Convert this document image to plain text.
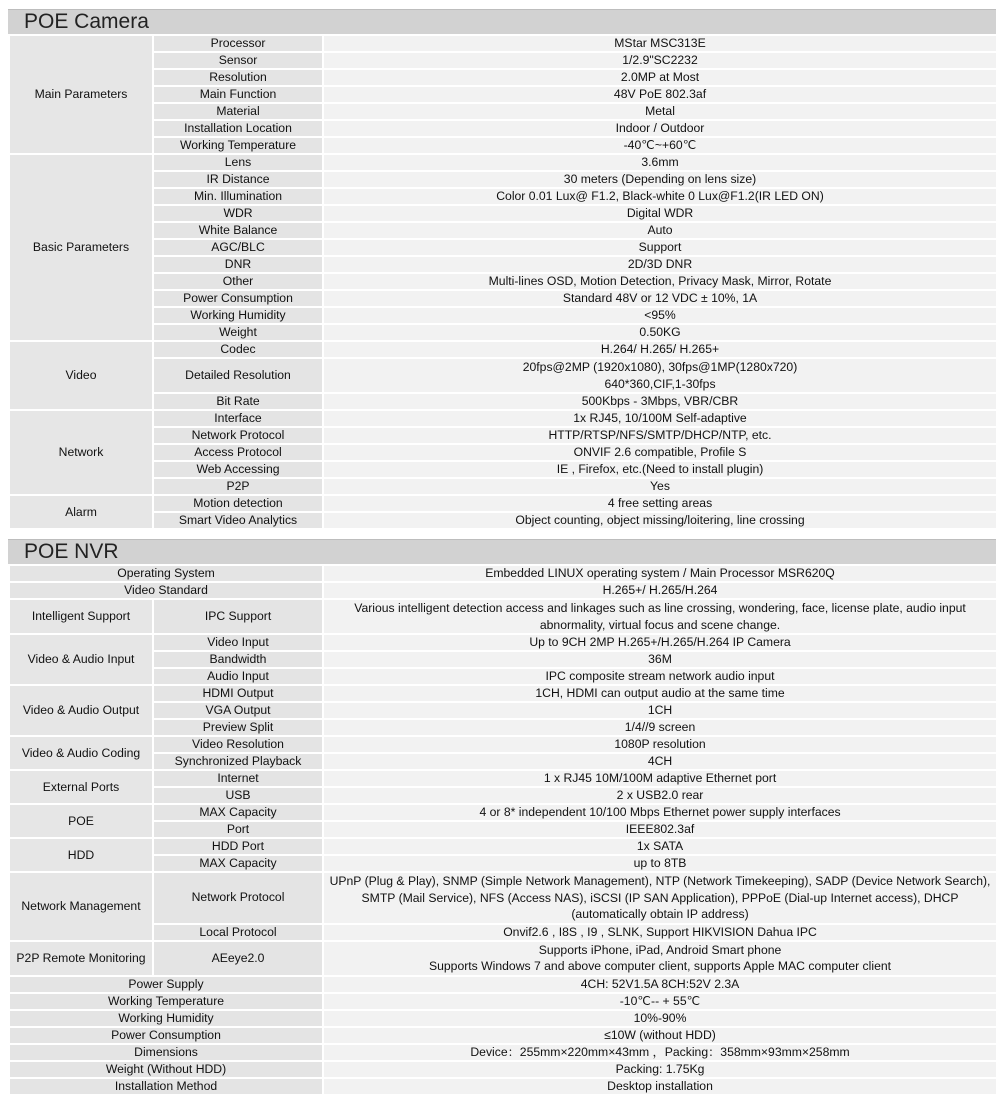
POE Camera
Main Parameters	Processor	MStar MSC313E
	Sensor	1/2.9"SC2232
	Resolution	2.0MP at Most
	Main Function	48V PoE 802.3af
	Material	Metal
	Installation Location	Indoor / Outdoor
	Working Temperature	-40℃~+60℃
Basic Parameters	Lens	3.6mm
	IR Distance	30 meters (Depending on lens size)
	Min. Illumination	Color 0.01 Lux@ F1.2, Black-white 0 Lux@F1.2(IR LED ON)
	WDR	Digital WDR
	White Balance	Auto
	AGC/BLC	Support
	DNR	2D/3D DNR
	Other	Multi-lines OSD, Motion Detection, Privacy Mask, Mirror, Rotate
	Power Consumption	Standard 48V or 12 VDC ± 10%, 1A
	Working Humidity	<95%
	Weight	0.50KG
Video	Codec	H.264/ H.265/ H.265+
	Detailed Resolution	20fps@2MP (1920x1080), 30fps@1MP(1280x720)
640*360,CIF,1-30fps
	Bit Rate	500Kbps - 3Mbps, VBR/CBR
Network	Interface	1x RJ45, 10/100M Self-adaptive
	Network Protocol	HTTP/RTSP/NFS/SMTP/DHCP/NTP, etc.
	Access Protocol	ONVIF 2.6 compatible, Profile S
	Web Accessing	IE , Firefox, etc.(Need to install plugin)
	P2P	Yes
Alarm	Motion detection	4 free setting areas
	Smart Video Analytics	Object counting, object missing/loitering, line crossing
POE NVR
Operating System		Embedded LINUX operating system / Main Processor MSR620Q
Video Standard		H.265+/ H.265/H.264
Intelligent Support	IPC Support	Various intelligent detection access and linkages such as line crossing, wondering, face, license plate, audio input abnormality, virtual focus and scene change.
Video & Audio Input	Video Input	Up to 9CH 2MP H.265+/H.265/H.264 IP Camera
	Bandwidth	36M
	Audio Input	IPC composite stream network audio input
Video & Audio Output	HDMI Output	1CH, HDMI can output audio at the same time
	VGA Output	1CH
	Preview Split	1/4//9 screen
Video & Audio Coding	Video Resolution	1080P resolution
	Synchronized Playback	4CH
External Ports	Internet	1 x RJ45 10M/100M adaptive Ethernet port
	USB	2 x USB2.0 rear
POE	MAX Capacity	4 or 8* independent 10/100 Mbps Ethernet power supply interfaces
	Port	IEEE802.3af
HDD	HDD Port	1x SATA
	MAX Capacity	up to 8TB
Network Management	Network Protocol	UPnP (Plug & Play), SNMP (Simple Network Management), NTP (Network Timekeeping), SADP (Device Network Search), SMTP (Mail Service), NFS (Access NAS), iSCSI (IP SAN Application), PPPoE (Dial-up Internet access), DHCP (automatically obtain IP address)
	Local Protocol	Onvif2.6 , I8S , I9 , SLNK, Support HIKVISION Dahua IPC
P2P Remote Monitoring	AEeye2.0	Supports iPhone, iPad, Android Smart phone
Supports Windows 7 and above computer client, supports Apple MAC computer client
Power Supply		4CH: 52V1.5A 8CH:52V 2.3A
Working Temperature		-10℃-- + 55℃
Working Humidity		10%-90%
Power Consumption		≤10W (without HDD)
Dimensions		Device：255mm×220mm×43mm ，Packing：358mm×93mm×258mm
Weight (Without HDD)		Packing: 1.75Kg
Installation Method		Desktop installation
